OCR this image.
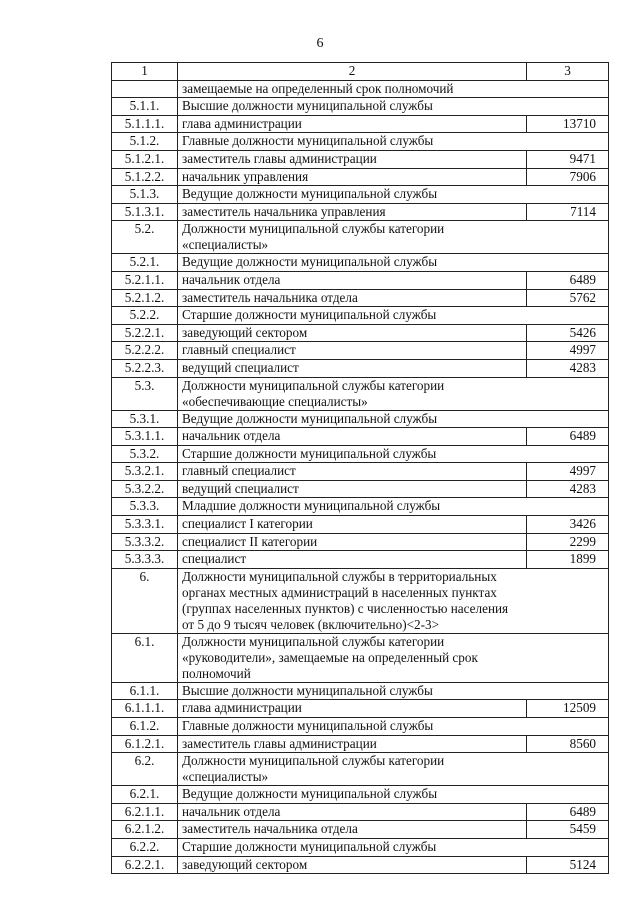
6
1	2	3
	замещаемые на определенный срок полномочий	
5.1.1.	Высшие должности муниципальной службы	
5.1.1.1.	глава администрации	13710
5.1.2.	Главные должности муниципальной службы	
5.1.2.1.	заместитель главы администрации	9471
5.1.2.2.	начальник управления	7906
5.1.3.	Ведущие должности муниципальной службы	
5.1.3.1.	заместитель начальника управления	7114
5.2.	Должности муниципальной службы категории «специалисты»	
5.2.1.	Ведущие должности муниципальной службы	
5.2.1.1.	начальник отдела	6489
5.2.1.2.	заместитель начальника отдела	5762
5.2.2.	Старшие должности муниципальной службы	
5.2.2.1.	заведующий сектором	5426
5.2.2.2.	главный специалист	4997
5.2.2.3.	ведущий специалист	4283
5.3.	Должности муниципальной службы категории «обеспечивающие специалисты»	
5.3.1.	Ведущие должности муниципальной службы	
5.3.1.1.	начальник отдела	6489
5.3.2.	Старшие должности муниципальной службы	
5.3.2.1.	главный специалист	4997
5.3.2.2.	ведущий специалист	4283
5.3.3.	Младшие должности муниципальной службы	
5.3.3.1.	специалист I категории	3426
5.3.3.2.	специалист II категории	2299
5.3.3.3.	специалист	1899
6.	Должности муниципальной службы в территориальных органах местных администраций в населенных пунктах (группах населенных пунктов) с численностью населения от 5 до 9 тысяч человек (включительно)<2-3>	
6.1.	Должности муниципальной службы категории «руководители», замещаемые на определенный срок полномочий	
6.1.1.	Высшие должности муниципальной службы	
6.1.1.1.	глава администрации	12509
6.1.2.	Главные должности муниципальной службы	
6.1.2.1.	заместитель главы администрации	8560
6.2.	Должности муниципальной службы категории «специалисты»	
6.2.1.	Ведущие должности муниципальной службы	
6.2.1.1.	начальник отдела	6489
6.2.1.2.	заместитель начальника отдела	5459
6.2.2.	Старшие должности муниципальной службы	
6.2.2.1.	заведующий сектором	5124
